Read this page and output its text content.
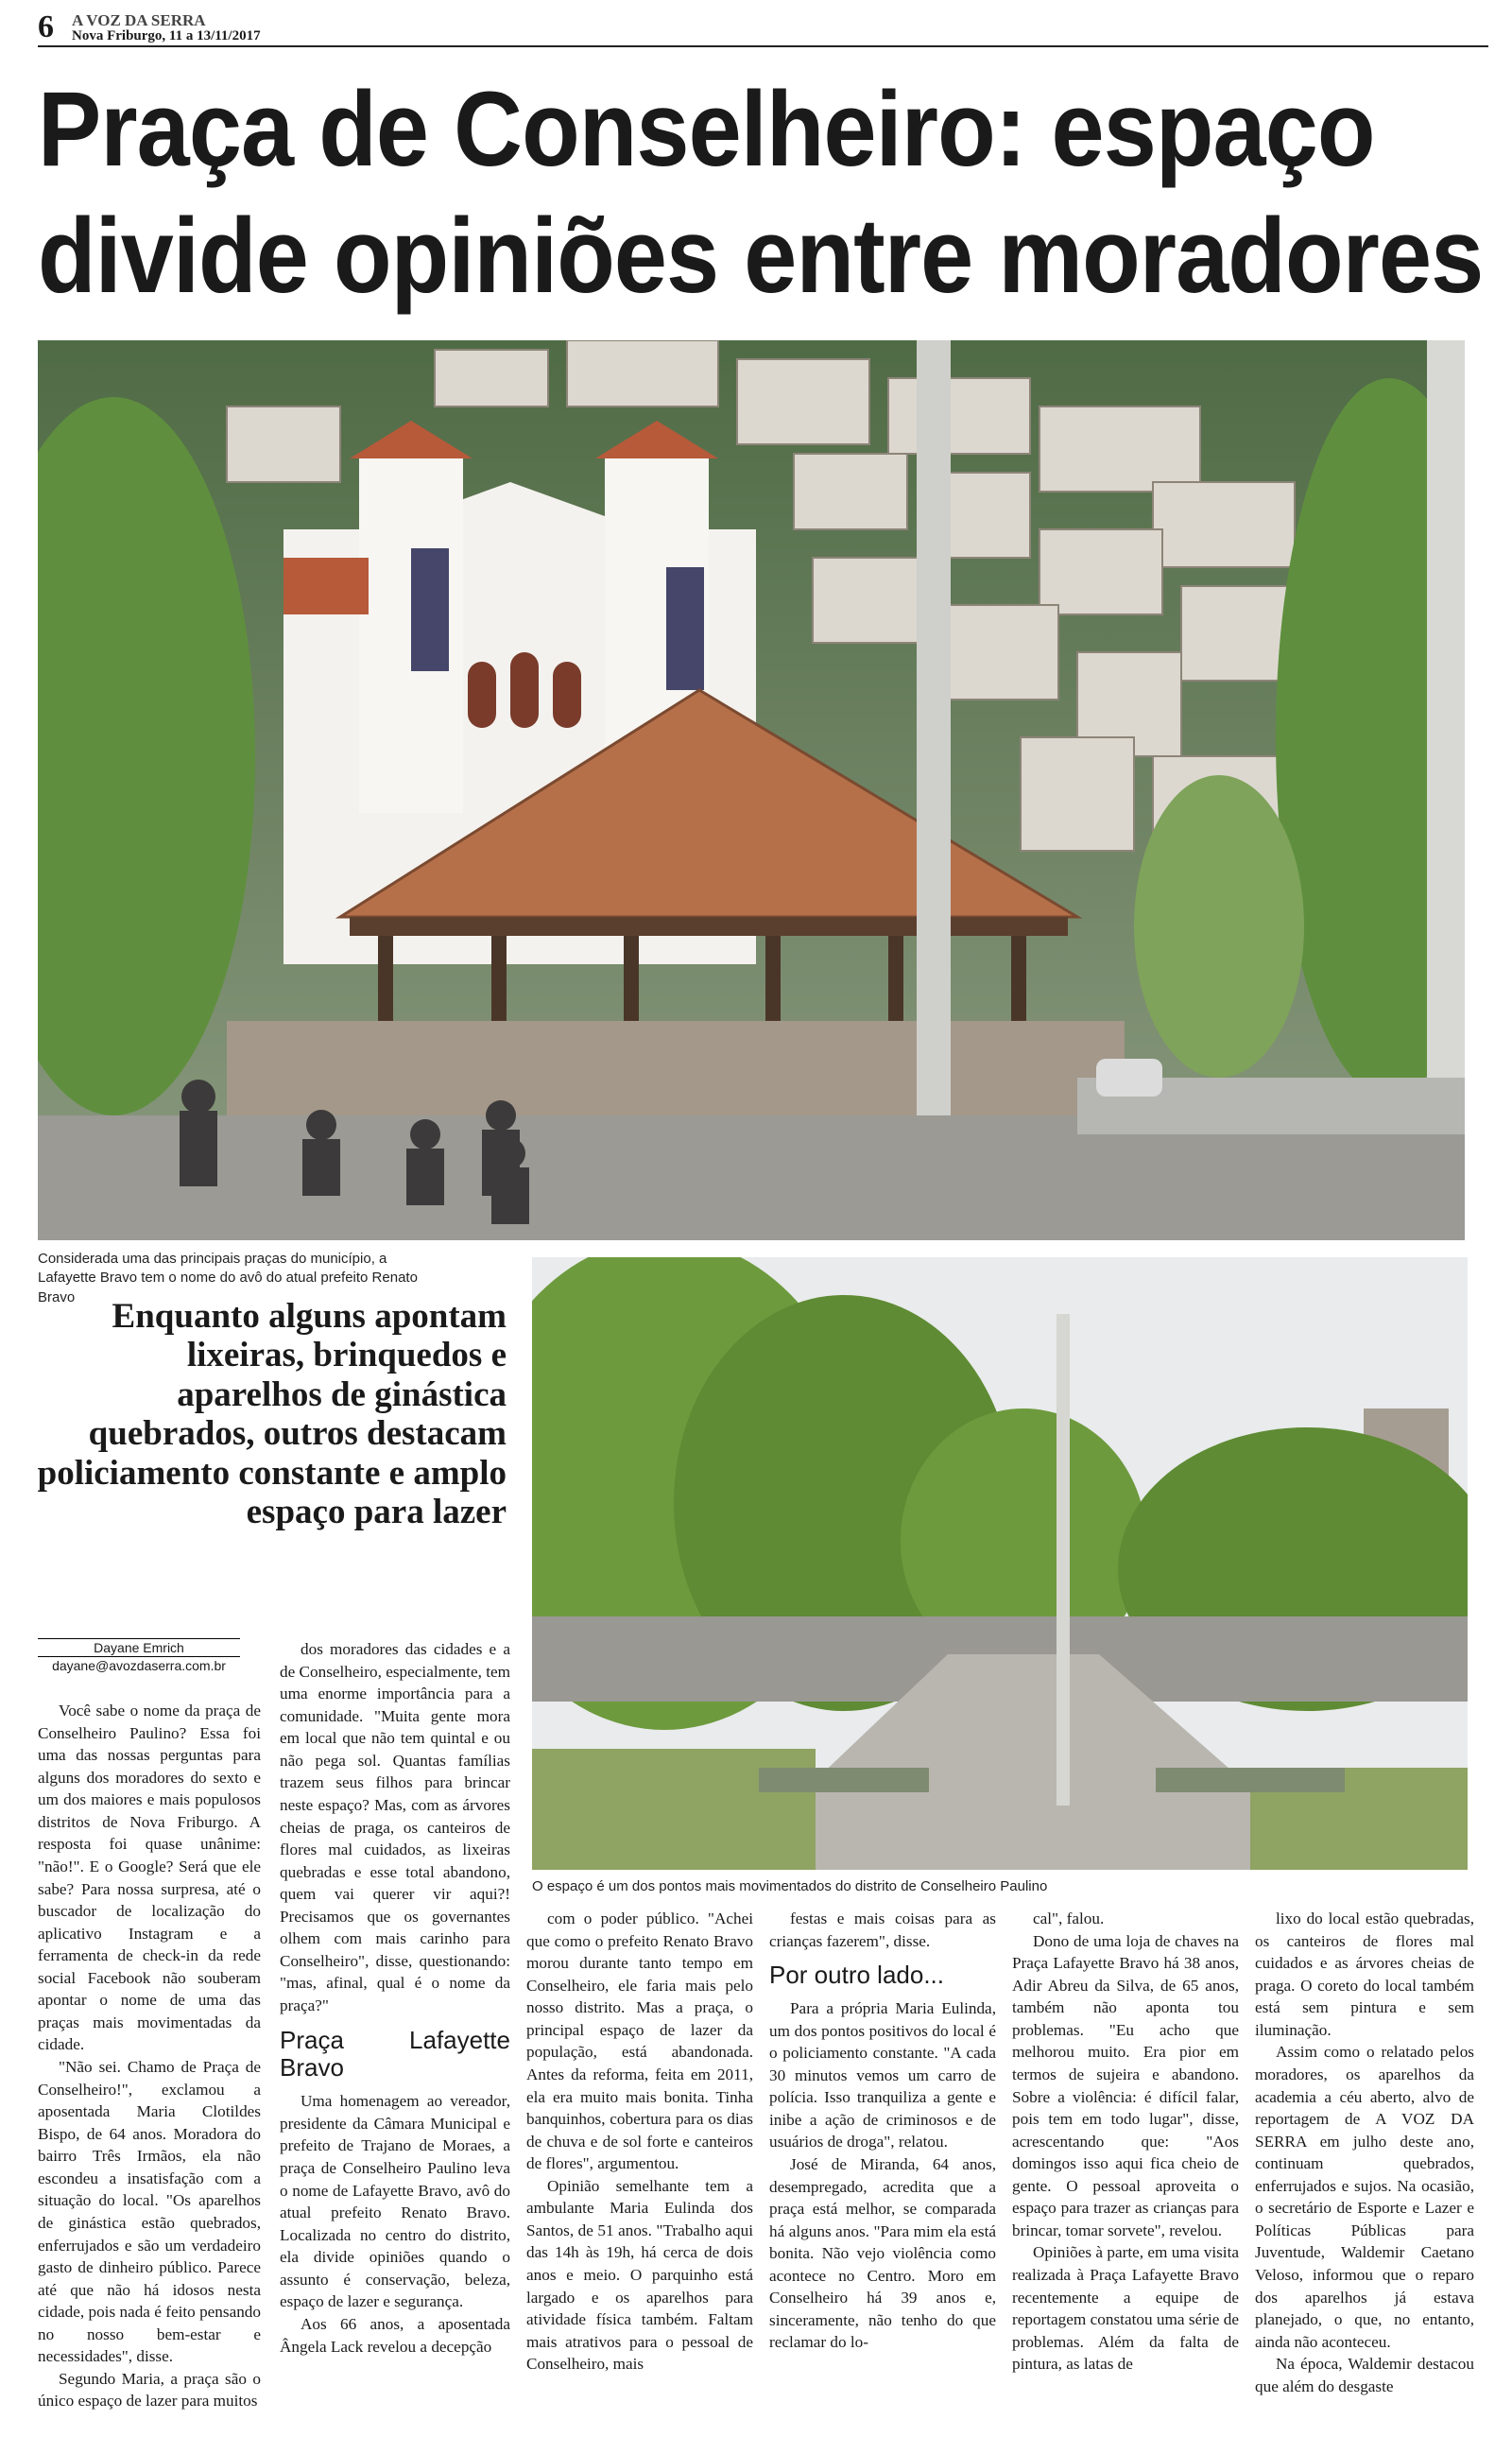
6 A VOZ DA SERRA
Nova Friburgo, 11 a 13/11/2017
Praça de Conselheiro: espaço
divide opiniões entre moradores
Considerada uma das principais praças do município, a Lafayette Bravo tem o nome do avô do atual prefeito Renato Bravo	Enquanto alguns apontam lixeiras, brinquedos e aparelhos de ginástica quebrados, outros destacam policiamento constante e amplo espaço para lazer
O espaço é um dos pontos mais movimentados do distrito de Conselheiro Paulino
Dayane Emrich
dayane@avozdaserra.com.br

Você sabe o nome da praça de Conselheiro Paulino? Essa foi uma das nossas perguntas para alguns dos moradores do sexto e um dos maiores e mais populosos distritos de Nova Friburgo. A resposta foi quase unânime: "não!". E o Google? Será que ele sabe? Para nossa surpresa, até o buscador de localização do aplicativo Instagram e a ferramenta de check-in da rede social Facebook não souberam apontar o nome de uma das praças mais movimentadas da cidade.

"Não sei. Chamo de Praça de Conselheiro!", exclamou a aposentada Maria Clotildes Bispo, de 64 anos. Moradora do bairro Três Irmãos, ela não escondeu a insatisfação com a situação do local. "Os aparelhos de ginástica estão quebrados, enferrujados e são um verdadeiro gasto de dinheiro público. Parece até que não há idosos nesta cidade, pois nada é feito pensando no nosso bem-estar e necessidades", disse.

Segundo Maria, a praça são o único espaço de lazer para muitos

dos moradores das cidades e a de Conselheiro, especialmente, tem uma enorme importância para a comunidade. "Muita gente mora em local que não tem quintal e ou não pega sol. Quantas famílias trazem seus filhos para brincar neste espaço? Mas, com as árvores cheias de praga, os canteiros de flores mal cuidados, as lixeiras quebradas e esse total abandono, quem vai querer vir aqui?! Precisamos que os governantes olhem com mais carinho para Conselheiro", disse, questionando: "mas, afinal, qual é o nome da praça?"

Praça Lafayette Bravo

Uma homenagem ao vereador, presidente da Câmara Municipal e prefeito de Trajano de Moraes, a praça de Conselheiro Paulino leva o nome de Lafayette Bravo, avô do atual prefeito Renato Bravo. Localizada no centro do distrito, ela divide opiniões quando o assunto é conservação, beleza, espaço de lazer e segurança.

Aos 66 anos, a aposentada Ângela Lack revelou a decepção

com o poder público. "Achei que como o prefeito Renato Bravo morou durante tanto tempo em Conselheiro, ele faria mais pelo nosso distrito. Mas a praça, o principal espaço de lazer da população, está abandonada. Antes da reforma, feita em 2011, ela era muito mais bonita. Tinha banquinhos, cobertura para os dias de chuva e de sol forte e canteiros de flores", argumentou.

Opinião semelhante tem a ambulante Maria Eulinda dos Santos, de 51 anos. "Trabalho aqui das 14h às 19h, há cerca de dois anos e meio. O parquinho está largado e os aparelhos para atividade física também. Faltam mais atrativos para o pessoal de Conselheiro, mais

festas e mais coisas para as crianças fazerem", disse.

Por outro lado...

Para a própria Maria Eulinda, um dos pontos positivos do local é o policiamento constante. "A cada 30 minutos vemos um carro de polícia. Isso tranquiliza a gente e inibe a ação de criminosos e de usuários de droga", relatou.

José de Miranda, 64 anos, desempregado, acredita que a praça está melhor, se comparada há alguns anos. "Para mim ela está bonita. Não vejo violência como acontece no Centro. Moro em Conselheiro há 39 anos e, sinceramente, não tenho do que reclamar do lo-

cal", falou.

Dono de uma loja de chaves na Praça Lafayette Bravo há 38 anos, Adir Abreu da Silva, de 65 anos, também não aponta tou problemas. "Eu acho que melhorou muito. Era pior em termos de sujeira e abandono. Sobre a violência: é difícil falar, pois tem em todo lugar", disse, acrescentando que: "Aos domingos isso aqui fica cheio de gente. O pessoal aproveita o espaço para trazer as crianças para brincar, tomar sorvete", revelou.

Opiniões à parte, em uma visita realizada à Praça Lafayette Bravo recentemente a equipe de reportagem constatou uma série de problemas. Além da falta de pintura, as latas de

lixo do local estão quebradas, os canteiros de flores mal cuidados e as árvores cheias de praga. O coreto do local também está sem pintura e sem iluminação.

Assim como o relatado pelos moradores, os aparelhos da academia a céu aberto, alvo de reportagem de A VOZ DA SERRA em julho deste ano, continuam quebrados, enferrujados e sujos. Na ocasião, o secretário de Esporte e Lazer e Políticas Públicas para Juventude, Waldemir Caetano Veloso, informou que o reparo dos aparelhos já estava planejado, o que, no entanto, ainda não aconteceu.

Na época, Waldemir destacou que além do desgaste
